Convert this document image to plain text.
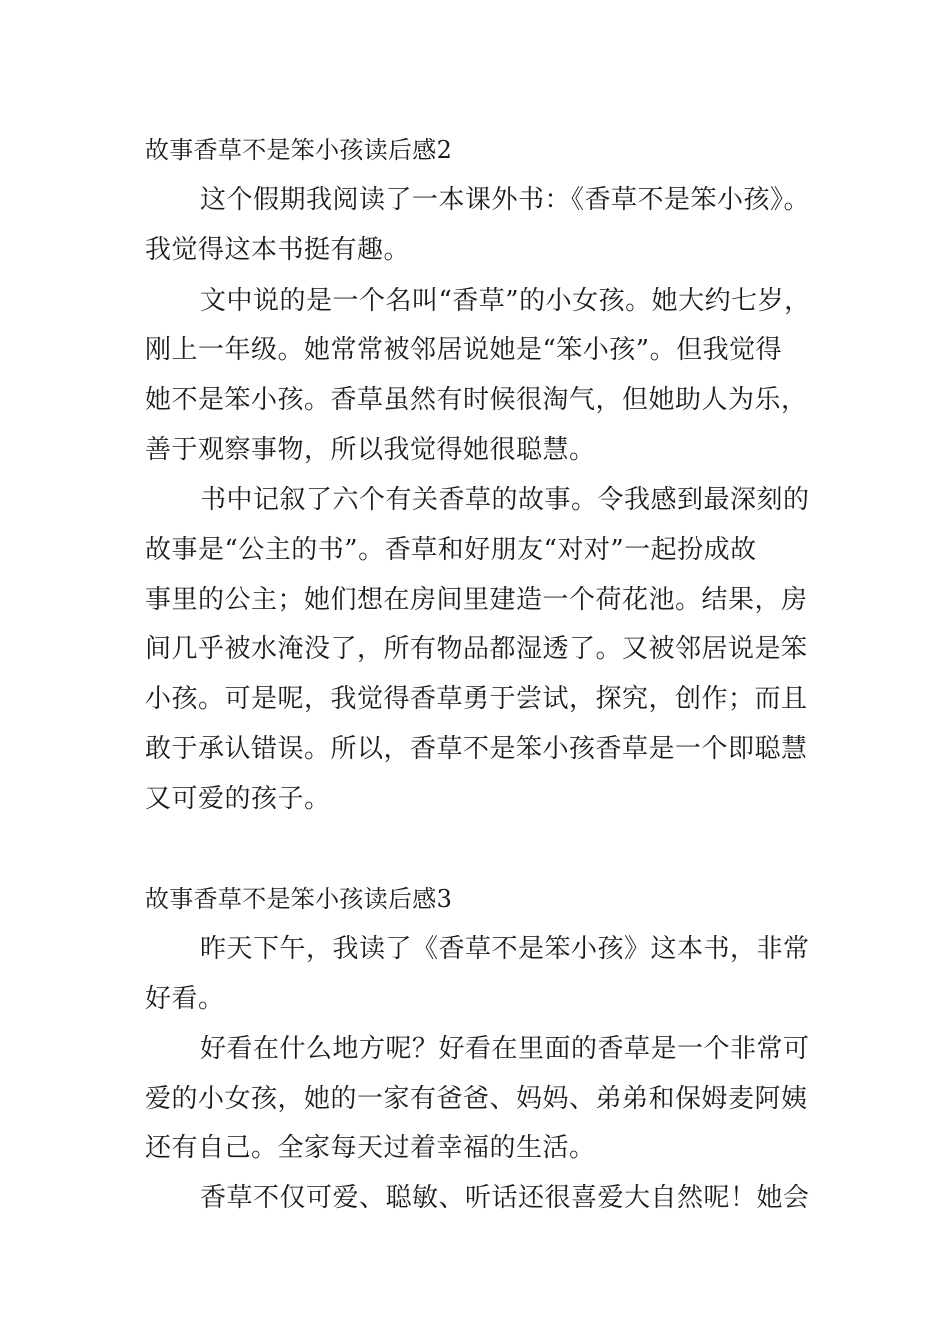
故事香草不是笨小孩读后感2
这个假期我阅读了一本课外书：《香草不是笨小孩》。
我觉得这本书挺有趣。
文中说的是一个名叫“香草”的小女孩。她大约七岁，
刚上一年级。她常常被邻居说她是“笨小孩”。但我觉得
她不是笨小孩。香草虽然有时候很淘气，但她助人为乐，
善于观察事物，所以我觉得她很聪慧。
书中记叙了六个有关香草的故事。令我感到最深刻的
故事是“公主的书”。香草和好朋友“对对”一起扮成故
事里的公主；她们想在房间里建造一个荷花池。结果，房
间几乎被水淹没了，所有物品都湿透了。又被邻居说是笨
小孩。可是呢，我觉得香草勇于尝试，探究，创作；而且
敢于承认错误。所以，香草不是笨小孩香草是一个即聪慧
又可爱的孩子。
故事香草不是笨小孩读后感3
昨天下午，我读了《香草不是笨小孩》这本书，非常
好看。
好看在什么地方呢？好看在里面的香草是一个非常可
爱的小女孩，她的一家有爸爸、妈妈、弟弟和保姆麦阿姨
还有自己。全家每天过着幸福的生活。
香草不仅可爱、聪敏、听话还很喜爱大自然呢！她会
